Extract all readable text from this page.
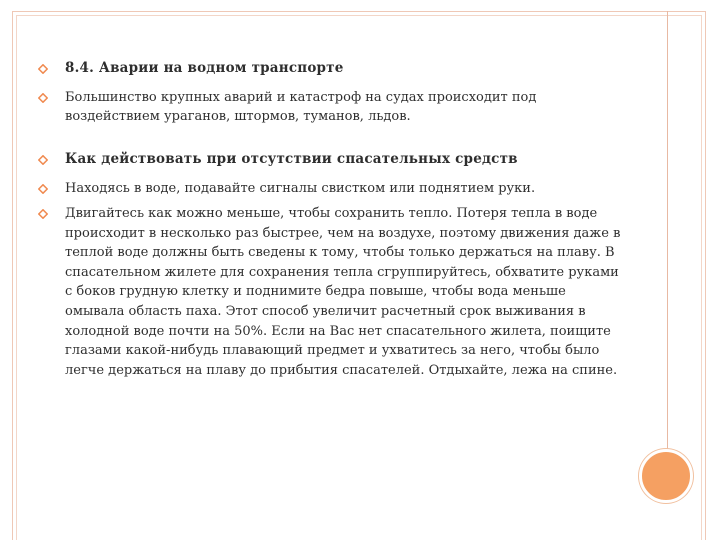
8.4. Аварии на водном транспорте
Большинство крупных аварий и катастроф на судах происходит под воздействием ураганов, штормов, туманов, льдов.
Как действовать при отсутствии спасательных средств
Находясь в воде, подавайте сигналы свистком или поднятием руки.
Двигайтесь как можно меньше, чтобы сохранить тепло. Потеря тепла в воде происходит в несколько раз быстрее, чем на воздухе, поэтому движения даже в теплой воде должны быть сведены к тому, чтобы только держаться на плаву. В спасательном жилете для сохранения тепла сгруппируйтесь, обхватите руками с боков грудную клетку и поднимите бедра повыше, чтобы вода меньше омывала область паха. Этот способ увеличит расчетный срок выживания в холодной воде почти на 50%. Если на Вас нет спасательного жилета, поищите глазами какой-нибудь плавающий предмет и ухватитесь за него, чтобы было легче держаться на плаву до прибытия спасателей. Отдыхайте, лежа на спине.
